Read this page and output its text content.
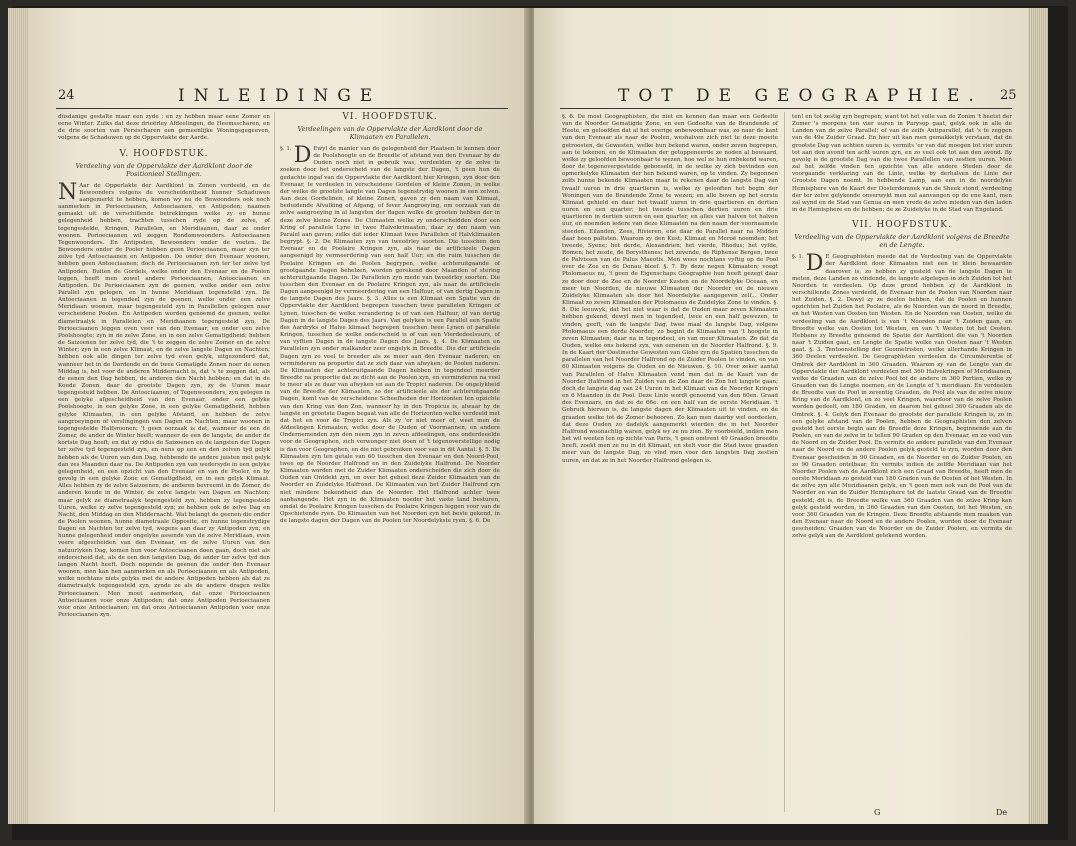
24	INLEIDINGE

dusdanige gestalte maar een zyde ; en zy hebben maar eene Zomer en eene Winter. Zulks dat deze drieërley Afdeelingen, de Heemsscharen, en de drie soorten van Persischaren een gemeenlijke Woningsgegeeven, volgens de Schaduwen op de Oppervlakte der Aarde.

V. HOOFDSTUK.
Verdeeling van de Oppervlakte der Aardklont door de Positionieel Stellingen.
N Aar de Opperlakte der Aardklont in Zonen verdeeld, en de Bewoonders volgens de verscheidentheid hunner Schaduwen aangemerkt te hebben, komen wy nu de Bewoonders ook noch aanmerken in Perioeciaanen, Antoeciaanen, en Antipoden; naamen gemaakt uit de verschillende betrekkingen welke zy en hunne gelegenheid hebben, trachten tusschen ryde op de zelve, of tegengestelde, Kringen, Parallelen, en Meridiaanen, daar ze onder woonen. Perioeciaanen wil zeggen Rondomwoonders. Antoeciaanen Tegenwoonders. En Antipoden, Bewoonders onder de voeten. De Bewoonders onder de Pooler hebben geen Perioeciaanen, maar zyn ter zelve tyd Antoeciaanen en Antipoden. De onder den Evenaar woonen, hebben geen Antoeciaanen; doch de Perioeciaanen zyn ter ter zelve tyd Antipoden. Buiten de Gordels, welke onder den Evenaar en de Poolen leggen, heeft men zowel andere Perioeciaanen, Antoeciaanen en Antipoden. De Perioeciaanen zyn de geenen, welke onder een zelve Parallel zyn gelegen, en in hunne Meridiaan tegenstelld zyn. De Antoeciaanen in tegendeel zyn de geenen, welke onder een zelve Meridiaan woonen, maar tegengesteld zyn in Parallellen gelegen naar verscheidene Poolen. En Antipoden worden genoemd de geenen, welke diametraalyk in Parallelen en Meridiaanen tegengesteld zyn. De Perioeciaanen leggen even veer van den Evenaar, en onder een zelve Poolshoogte; zyn in de zelve Zone, en in een zelve Gematigdheid; hebben de Saizoenen ter zelve tyd, die 't te zeggen de zelve Zomer en de zelve Winter; zyn in een zelve Klimaat, en de zelve langste Dagen en Nachten; hebben ook alle dingen ter zelve tyd even gelyk, uitgezonderd dat, wanneer het in de Dordende en de twee Gematigde Zonen noer de eenen Middag is, het voor de anderen Middernacht is, dat 's te zeggen dat, als de eenen den Dag hebben, de anderen den Nacht hebben; en dat in de Koude Zonen, daar de grootste Dagen zyn, zy de Uuren maar tegengesteld hebben. De Antoeciaanen, of Tegenwoonders, zyn gelegen in een gelyke afgescheidheid van den Evenaar, onder een gelyke Poolshoogte, in een gelyke Zone, in een gelyke Gematigdheid, hebben gelyke Klimaaten, in een gelyke Afstand, en hebben de zelve aangroeyingen of verslingingen van Dagen en Nachten; maar woonen in tegengestelde Halfsroonen; 't geen oorzaak is dat, wanneer de een de Zomer, de ander de Winter heeft; wanneer de een de langste, de ander de kortste Dag heeft; en dat zy ridus de Saizoenen en de langsten der Dagen ter zelve tyd tegengesteld zyn, en nens op een en den zelven tyd gelyk hebben als de Uuren van den Dag, hebbende de andere juisten met gelyk dan zes Maanden daar na. De Antipoden zyn van wedersyde in een gelyke gelegenheid, en een opzicht van den Evenaar en van de Pooler, en by gevolg in een gelyke Zone en Gematigdheid, en in een gelyk Klimaat. Alles hebben zy de zelve Saizoenen, de anderen bevreemt in de Zomer, de anderen koude in de Winter, de zelve langste van Dagen en Nachten; maar gelyk ze diametraalyk tegengesteld zyn, hebben zy tegengesteld Uuren, welke zy zelve tegengesteld zyn; ze hebben ook de zelve Dag en Nacht, den Middag en den Middernacht. Wat belangt de geenen die onder de Poolen woonen, hunne diametraale Opposite, en hunne tegenstrydige Dagen en Nachten ter zelve tyd, wegens aan daar zy Antipoden zyn; en hunne gelegenheid onder ongelyke assende van de zelve Meridiaan, even veere afgescheiden van den Evenaar, en de zelve Uuren van den natuurlyken Dag, komen hun voor Antoeciaanen doen gaan, doch niet als onderscheid dat, als de een den langsten Dag, de ander ter zelve tyd den langen Nacht heeft. Doch nopende de geenen die onder den Evenaar woonen, men kan hen aanmerken en als Perioeciaanen en als Antipoden, welke nochtans niets gelyks met de andere Antipoden hebben als dat ze diametraalyk tegengesteld zyn, zynde ze als de andere dragen welke Perioeciaanen. Men moet aanmerken, dat onze Perioeciaanen Antoeciaanen voor onze Antipoden; dat onze Antipoden Perioeciaanen voor onze Antoeciaanen; en dat onze Antoeciaanen Antipoden voor onze Perioeciaanen zyn.

VI. HOOFDSTUK.
Verdeelingen van de Oppervlakte der Aardklont door de Klimaaten en Parallelen.
§. 1. D Ewyl de manier van de gelegenheid der Plaatsen te kennen door de Poolshoogte en de Breedte of afstand van den Evenaar by de Ouden noch niet in gebruik was, verdeelden zy de zelve te zoeken door het onderscheid van de langste der Dagen, 't geen hun de gedachte ingaf van de Oppervlakte der Aardklont hier Kringen, zyn door den Evenaar, te verdeelen in verscheidene Gordelen of kleine Zonen, in welke der welke de grootste langte van Dagen tegenstrydig woonen in een zelven. Aan deze Gordelinen, of kleine Zonen, gaven zy den naam van Klimaat, beduidende Afvalking of Afgang, of fever Aangroeying, om oorzaak van de zelve aangroeying in al langsten der dagen welke de grooten hebben der in deze zelve kleine Zones. De Climaaten welke zy onderscheidden door een Kring of parallele Lyne in twee Halvekrimaaten, daar zy den naam van Paralel aan gaven; zulks dat ieder Klimaat twee Parallelen of Halvklimaaten begrypt. §. 2. De Klimaaten zyn van tweeërley soorten. Die tusschen den Evenaar en de Poolaire Kringen zyn, als naar de artificieele Dagen aangeenigd by vermeerdering van een half Uur; en die ruim tusschen de Poolaire Kringen en de Poolen begrypen, welke achteruitgaande of grootgaande Dagen behelzen, worden gerekend door Maanden of stering achteruitgaande Dagen. De Parallelen zyn mede van tweeërley soorten. Die tusschen den Evenaar en de Poolaire Kringen zyn, als naar de artificieele Dagen aangeenigd by vermeerdering van een Halfuur, of van dertig Dagen in de langste Dagen des Jaars. §. 3. Alles is een Klimaat een Spatie van de Oppervlakte der Aardklont begrepen tusschen twee parallelen Kringen of Lynen, tusschen de welke verandering is of van een Halfuur, of van dertig Dagen in de langste Dagen des Jaars. Van gelyken is een Parallel een Spatie des Aardryks of Halve klimaat begrepen tusschen twee Lynen of parallele Kringen, tusschen de welke onderscheid is of van een Vierdedeelsuurs, of van vyftien Dagen in de langste Dagen des Jaars. §. 4. De Klimaaten en Parallelen zyn onder malkander zeer ongelyk in Breedte. Die der artificieele Dagen zyn zo veel te breeder als ze meer aan den Evenaar naderen, en verminderen na proportie dat ze zich daar van afwyken; de Poolen naderen. De Klimaaten der achteruitgaande Dagen hebben in tegendeel meerder Breedte na proportie dat ze dicht aan de Poolen zyn, en verminderen na veel te meer als ze daar van afwyken en aan de Tropici naderen. De ongelykheid van de Breedte der Klimaaten, zo der artificieele als der achteruitgaande Dagen, komt van de verscheidene Scheefheden der Horizonten ten opzichte van den Kring van den Zon, wanneer hy in den Tropicus is, alwaar hy de langste en grootste Dagen begaat van alle de Horizonten welke verdeeld met dat het en voor de Tropici zyn. Als zy 'er niet meer of, weet men de Afdeelingen Krimaaten, welke door de Ouden of Voormannen, en andere Ondernemenden zyn den neem zyn in zeven afdeelingen, ons onderdeeelde voor de Geographen, zich verwonger niet doen of 't tegenoverstellige nodig is dan voor Geographen, en die niet gebruiken voor van in dit Aantal. §. 5. De Klimaaten zyn ten getale van 60 tusschen den Evenaar en den Noord-Pool, twee op de Noorder Halfrond en in den Zuidelyke Halfrond. De Noorder Klimaaten worden met de Zuider Klimaaten onderscheiden die zich door de Ouden van Ontdekt zyn, en over het geheel deze Zuider Klimaaten van de Noorder en Zuidelyke Halfrond. De Klimaaten van het Zuider Halfrond zyn niet mindere bekendheid dan de Noorder. Het Halfrond achter twee aanhangende. Het zyn in de Klimaaten noeder het vaste land besturen, omdat de Poolaire Kringen tusschen de Poolaire Kringen leggen voor van de Opschietende ryen. De Klimaaten van het Noorden zyn het beste gekend, in de langste dagen der Dagen van de Poolen ter Noordelykste ryen. §. 6. De

TOT DE GEOGRAPHIE. 25

§. 6. De most Geographisten, die niet en kennen dan maar een Gedeelte van de Noorder Gematigde Zone, en een Gedeelte van de Brandende of Heete, en geloofden dat al het overige onbewoonbaar was, zo naar de kant van den Evenaar als naar de Poolen, weshalven zich niet te deze moeite getroosten, de Gewesten, welke hun bekend waren, onder zeven begrepen, aan te tekenen, en de Klimaaten der getoppeneerde ze noden al bewaard, welke zy geloofden bewoonbaar te wezen, hoe wel ze hun onbekend waren, door de tegenovergestelde geboeseld, in de welke zy zich bevinden een opmerkelyke Klimaaten der hen bekend waren, op te vinden. Zy begonnen zelfs hunne bekende Klimaaten maar te rekenen daar de langste Dag van twaalf uuren in drie quartieren is, welke zy gelooften het begin der Woningen van de Brandende Zone te wezen; en alle boven op het eerste Klimaat gehield en daar het twaalf uuren in drie quartieren en dertien uuren en een quarter; het tweede tusschen dertien uuren en drie quartieren in dertien uuren en een quarter, en alles van halven tot halven uur, en noemden iedere van deze Klimaaten na den naam der voornaamste steeden. Eilanden, Zees, Rivieren, ene daar de Parallel naar na Midden daar heen paltsten. Waarom zy den Kust; Klimaat en Meroë noemden; het tweede, Syene; het derde, Alexandrien; het vierde, Rhodus; het vyfde, Romen; het zesde, de Borysthenes; het zevende, de Riphense Bergen, twee de Palvissen van de Palus Maeotis. Men wees nochtans vyftig op de Pool over de Zee en de Donau bleef. §. 7. By deze negen Klimaaten; voegt Ptolomaeus nu, 't geen de Eigenschaps Geographie hun heeft gezegt daar ze door door de Zee en de Noorder Kusten en de Noordelyke Oceaan, en meer ten Noorden, de nieuwe Klimaaten der Noorder en de nieuwe Zuidelyke Klimaaten als door het Noordelyke aangegeven zelf... Onder Klimaat zo zeven Klimaaten der Ptolomaeus de Zuidelyke Zone te vinden. §. 8. Die leeuwyk, dat het niet waar is dat de Ouden maar zeven Klimaaten hebben gekend, dewyl men in tegendeel, twee en een half gewezen, te vinden, geeft, van de langste Dag, twee maal de langste Dag, volgens Ptolomaeus een derde Noorder, zo begint de Klimaaten van 't hoogste in zeven Klimaaten; daar na in tegendeel, en van meer Klimaaten. Zo dat de Ouden, welke ons bekend zyn, van eenenen en de Noorder Halfrond. §. 9. In de Kaart der Oostinsche Gewesten van Globe zyn de Spatien tusschen de parallelen van het Noorder Halfrond op de Zuider Poolen te vinden, en van 60 Klimaaten volgens de Ouden en de Nieuwen. §. 10. Over zeker aantal van Parallelen of Halve Klimaaten vond men dat in de Kaart van de Noorder Halfrond in het Zuiden van de Zon daar de Zon het langste gaan; doch de langste dag van 24 Uuren in het Klimaat van de Noorder Kringen en 6 Maanden in de Pool. Deze Linie wordt genoemd van den 60en. Graad des Evenaars, en dat ze de 66e. en een half van de eerste Meridiaan. 't Gebruik hiervan is, de langste dagen der Klimaaten uit te vinden, en de graaden welke tot de Zomer behooren. Zo kan men daarby wel oordeelen, dat deze Ouden zo dadelyk aangemerkt wierden die in het Noorder Halfrond woonachtig waren, gelyk wy ze nu zien. By voorbeeld, indien men het wil weeten ten op zichte van Paris, 't geen omtrent 49 Graaden breedte heeft, zoekt men ze nu in dit Klimaat, en stelt voor die Stad twee graaden meer van de langste Dag, zo vind men voor den langsten Dag zestien uuren, en dat ze in het Noorder Halfrond gelegen is.

ten! en tot zestig zyn begrepen; want tot het volle van de Zonim 't heetst der Zomer 's morgens ten vier uuren in Parysop gaat, gelyk ook in alle de Landen van de zelve Parallel; of van de zelfs Antiparallel, dat 's te zeggen van de 49e Zuider Graad. En hier uit kan men gemakkelyk verstaan, dat de grootste Dag van achtien uuren is, vermits 'er van dat moegen tot vier uuren tot aan den avond ten acht uuren zyn, en zo veel ook tot aan den avond. By gevolg is de grootste Dag van die twee Parallellen van zestien uuren. Men zal het zelfde vinden ten opzichte van alle andere Steden door de voorgaande verklaring van de Linie, welke by derhalven de Linie der Grootste Dagen noemt. In hebbende Lamp, aan een in de noordelyke Hemisphere van de Kaart der Oosterdomnek van de Sheek stond, verdeeling der ter zelve gelykende onverwykt men zal aanvangen op de ene kant, men zal wynd en de Stad van Genua en men vrede de zelve mieden van den laden in de Hemisphere en de hebben; de ze Zuidelyke in de Stad van Engeland.

VII. HOOFDSTUK.
Verdeeling van de Oppervlakte der Aardklont volgens de Breedte en de Lengte.
§. 1. D E Geographisten meede dat de Verdeeling van de Oppervlakte der Aardklont door Klimaaten niet een te klein bewaarden daarover is, zo hebben zy gesteld van de langste Dagen te meten, deze Landen zo vindende, de langste afgelegen in zich Zuiden tot het Noorden te verdeelen. Op deze grond hebben zy de Aardklont in verschillende Zones verdeeld, de Evenaar hun de Poolen van Noorden naar het Zuiden. §. 2. Dewyl zy ze deelen hebben, dat de Poolen en hunnen opzichten het Zuiden het Poolaire, als de Noorden van de noord in Breedte, en het Westen van Oosten ten Westen. En de Noorden van Oosten, welke de verdeeling van de Aardklont is van 't Noorden naar 't Zuiden gaan, en Breedte welke van Oosten tot Westen, en van 't Westen tot het Oosten. Hebbens zy Breedte genoemd de Spatie der Aardklont die van 't Noorden naar 't Zuiden gaat, en Lengte de Spatie welke van Oosten naar 't Westen gaat. §. 3. Tentoonstelling der Geometristen, welke allerhande Kringen in 360 Deelen verdeelen. De Geographisten verdeelen de Circumferentie of Omtrek der Aardklont in 360 Graaden. Waarom zy van de Lengte van de Oppervlakte der Aardklont verdeelen met 360 Halvekringen of Meridiaanen, welke de Graaden van de zelve Pool tot de andere in 360 Portien, welke zy Graaden van de Lengte noemen, en de Lengte of 't meridiaan. En verdeelen de Breedte van de Pool in zeventig Graaden, de Pool als van de zelve nieuw Kring van de Aardklont, en zo veel Kringen, waardoor van de zelve Poolen worden gedeelt, om 180 Graden, en daarom het geheel 360 Graaden als de Omtrek. §. 4. Gelyk den Evenaar de grootste der parallele Kringen is, zo in een gelyke afstand van de Poolen, hebben de Geographisten den zelven gesteld het eerste begin aan de Breedte deze Kringen, beginnende aan de Poolen, en van de zelve in te tellen 90 Graden op den Evenaar, en zo veel van de Noord en de Zuider Pool. En vermits de andere parallele van den Evenaar naar de Noord en de andere Poolen gelyk gesteld te zyn, worden door den Evenaar gescheiden in 90 Graaden, en de Noorder en de Zuider Poolen, en zo 90 Graaden ontelbaar. En vermits indien de zelfde Meridiaan van het Noorder Poolen van de Aardklont zich een Graad van Breedte, heeft men de eerste Meridiaan zo gesteld van 180 Graden van de Oosten of het Westen. In de zelve zyn alle Meridiaanen gelyk, en 't geen men ook van de Pool van de Noorder en van de Zuider Hemisphere tot de laatste Graad van de Breedte gesteld; dit is, de Breedte welke van 360 Graaden van de zelve Kring kan gelyk gesteld worden, in 360 Graaden van den Oosten, tot het Westen, en voor 360 Graaden van de Kringen. Deze Breedte afstaande men maaken van den Evenaar naar de Noord en de andere Poolen, worden door de Evenaar gescheiden; Graaden van de Noorder en de Zuider Poolen, en vermits de zelve gelyk aan de Aardklont getekend worden.

G	De
